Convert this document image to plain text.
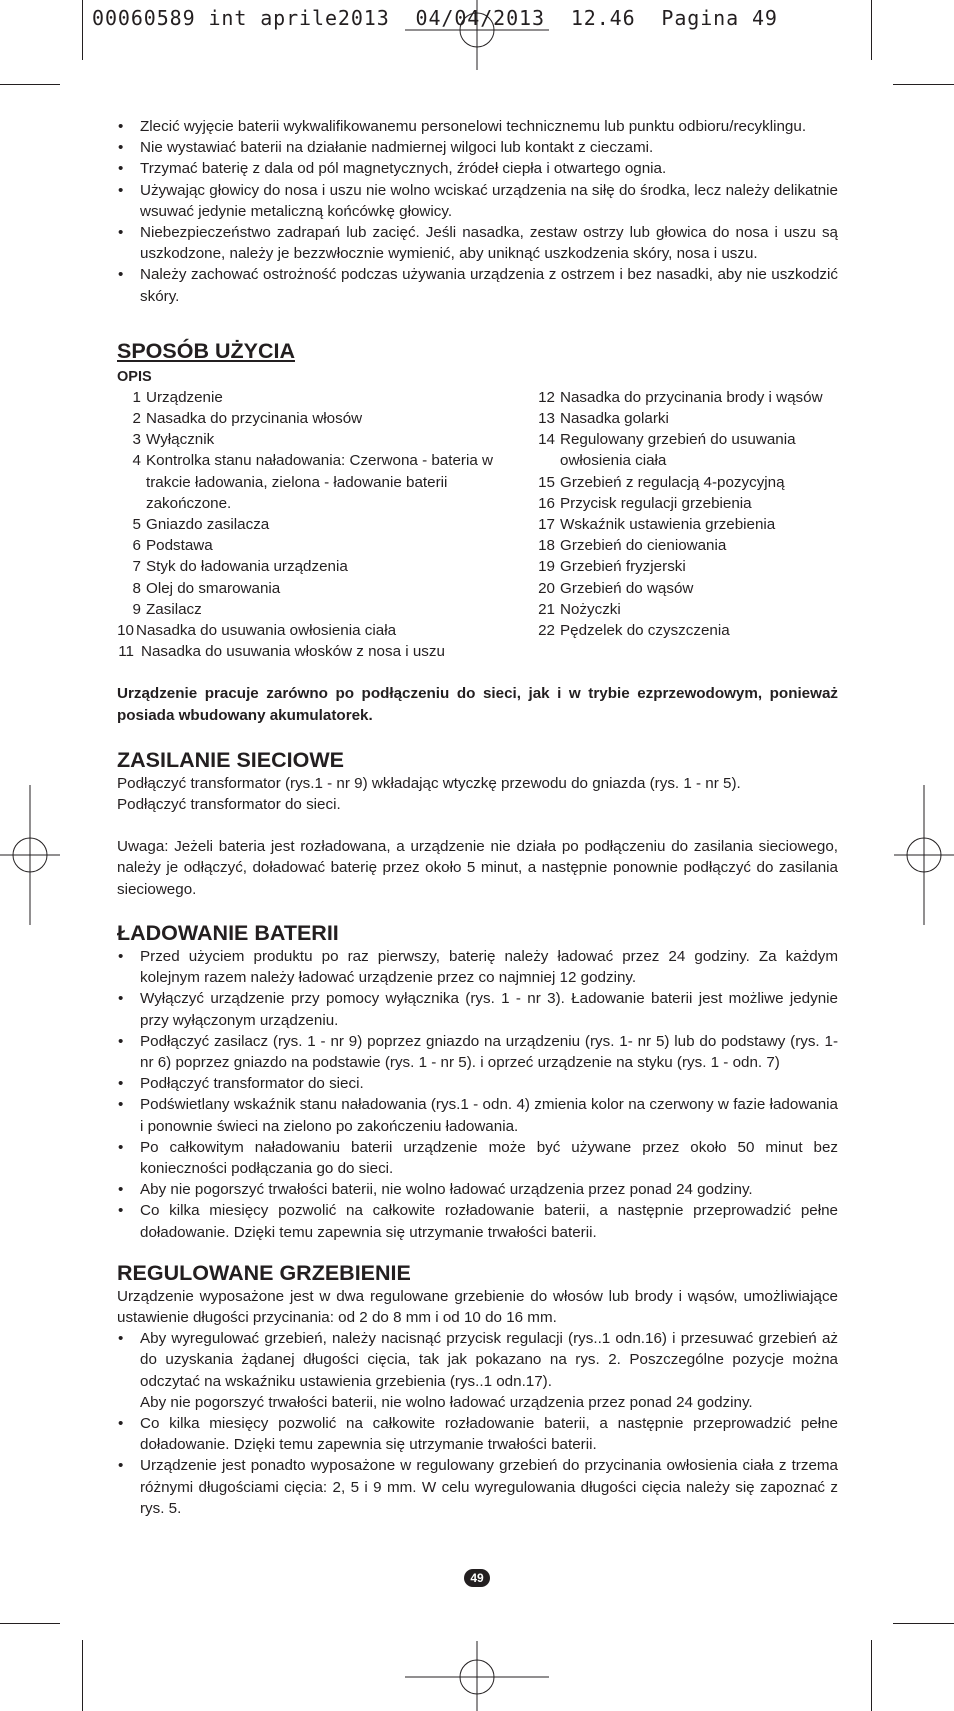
00060589 int aprile2013  04/04/2013  12.46  Pagina 49
• Zlecić wyjęcie baterii wykwalifikowanemu personelowi technicznemu lub punktu odbioru/recyklingu.
• Nie wystawiać baterii na działanie nadmiernej wilgoci lub kontakt z cieczami.
• Trzymać baterię z dala od pól magnetycznych, źródeł ciepła i otwartego ognia.
• Używając głowicy do nosa i uszu nie wolno wciskać urządzenia na siłę do środka, lecz należy delikatnie wsuwać jedynie metaliczną końcówkę głowicy.
• Niebezpieczeństwo zadrapań lub zacięć. Jeśli nasadka, zestaw ostrzy lub głowica do nosa i uszu są uszkodzone, należy je bezzwłocznie wymienić, aby uniknąć uszkodzenia skóry, nosa i uszu.
• Należy zachować ostrożność podczas używania urządzenia z ostrzem i bez nasadki, aby nie uszkodzić skóry.
SPOSÓB UŻYCIA
OPIS
1 Urządzenie
2 Nasadka do przycinania włosów
3 Wyłącznik
4 Kontrolka stanu naładowania: Czerwona - bateria w trakcie ładowania, zielona - ładowanie baterii zakończone.
5 Gniazdo zasilacza
6 Podstawa
7 Styk do ładowania urządzenia
8 Olej do smarowania
9 Zasilacz
10 Nasadka do usuwania owłosienia ciała
11 Nasadka do usuwania włosków z nosa i uszu
12 Nasadka do przycinania brody i wąsów
13 Nasadka golarki
14 Regulowany grzebień do usuwania owłosienia ciała
15 Grzebień z regulacją 4-pozycyjną
16 Przycisk regulacji grzebienia
17 Wskaźnik ustawienia grzebienia
18 Grzebień do cieniowania
19 Grzebień fryzjerski
20 Grzebień do wąsów
21 Nożyczki
22 Pędzelek do czyszczenia

Urządzenie pracuje zarówno po podłączeniu do sieci, jak i w trybie ezprzewodowym, ponieważ posiada wbudowany akumulatorek.

ZASILANIE SIECIOWE

Podłączyć transformator (rys.1 - nr 9) wkładając wtyczkę przewodu do gniazda (rys. 1 - nr 5).

Podłączyć transformator do sieci.

Uwaga: Jeżeli bateria jest rozładowana, a urządzenie nie działa po podłączeniu do zasilania sieciowego, należy je odłączyć, doładować baterię przez około 5 minut, a następnie ponownie podłączyć do zasilania sieciowego.

ŁADOWANIE BATERII
• Przed użyciem produktu po raz pierwszy, baterię należy ładować przez 24 godziny. Za każdym kolejnym razem należy ładować urządzenie przez co najmniej 12 godziny.
• Wyłączyć urządzenie przy pomocy wyłącznika (rys. 1 - nr 3). Ładowanie baterii jest możliwe jedynie przy wyłączonym urządzeniu.
• Podłączyć zasilacz (rys. 1 - nr 9) poprzez gniazdo na urządzeniu (rys. 1- nr 5) lub do podstawy (rys. 1-nr 6) poprzez gniazdo na podstawie (rys. 1 - nr 5). i oprzeć urządzenie na styku (rys. 1 - odn. 7)
• Podłączyć transformator do sieci.
• Podświetlany wskaźnik stanu naładowania (rys.1 - odn. 4) zmienia kolor na czerwony w fazie ładowania i ponownie świeci na zielono po zakończeniu ładowania.
• Po całkowitym naładowaniu baterii urządzenie może być używane przez około 50 minut bez konieczności podłączania go do sieci.
• Aby nie pogorszyć trwałości baterii, nie wolno ładować urządzenia przez ponad 24 godziny.
• Co kilka miesięcy pozwolić na całkowite rozładowanie baterii, a następnie przeprowadzić pełne doładowanie. Dzięki temu zapewnia się utrzymanie trwałości baterii.
REGULOWANE GRZEBIENIE

Urządzenie wyposażone jest w dwa regulowane grzebienie do włosów lub brody i wąsów, umożliwiające ustawienie długości przycinania: od 2 do 8 mm i od 10 do 16 mm.

• Aby wyregulować grzebień, należy nacisnąć przycisk regulacji (rys..1 odn.16) i przesuwać grzebień aż do uzyskania żądanej długości cięcia, tak jak pokazano na rys. 2. Poszczególne pozycje można odczytać na wskaźniku ustawienia grzebienia (rys..1 odn.17).
Aby nie pogorszyć trwałości baterii, nie wolno ładować urządzenia przez ponad 24 godziny.
• Co kilka miesięcy pozwolić na całkowite rozładowanie baterii, a następnie przeprowadzić pełne doładowanie. Dzięki temu zapewnia się utrzymanie trwałości baterii.
• Urządzenie jest ponadto wyposażone w regulowany grzebień do przycinania owłosienia ciała z trzema różnymi długościami cięcia: 2, 5 i 9 mm. W celu wyregulowania długości cięcia należy się zapoznać z rys. 5.
49
